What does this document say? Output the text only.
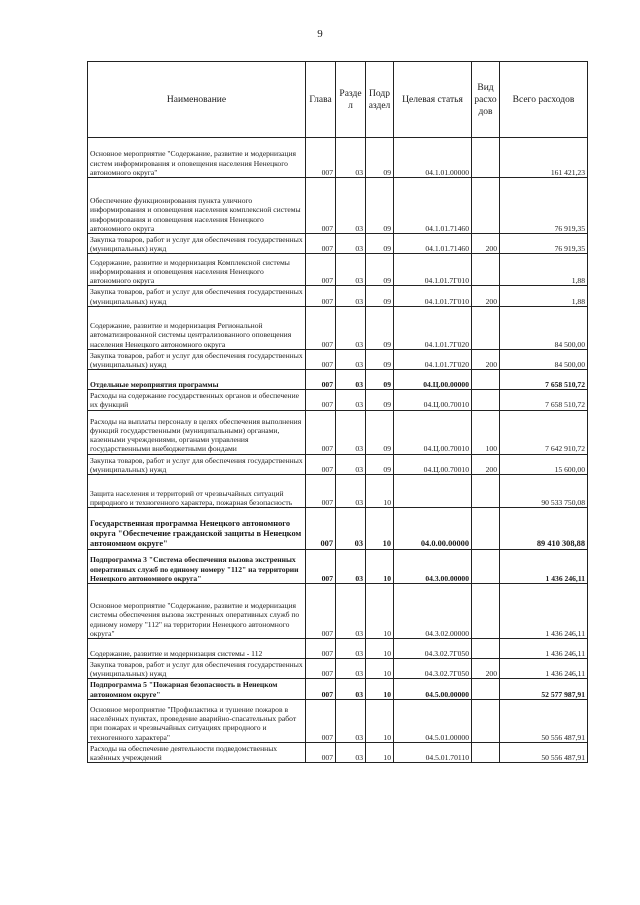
9
Наименование	Глава	Разде л	Подр аздел	Целевая статья	Вид расхо дов	Всего расходов
Основное мероприятие "Содержание, развитие и модернизация систем информирования и оповещения населения Ненецкого автономного округа"	007	03	09	04.1.01.00000		161 421,23
Обеспечение функционирования пункта уличного информирования и оповещения населения комплексной системы информирования и оповещения населения Ненецкого автономного округа	007	03	09	04.1.01.71460		76 919,35
Закупка товаров, работ и услуг для обеспечения государственных (муниципальных) нужд	007	03	09	04.1.01.71460	200	76 919,35
Содержание, развитие и модернизация Комплексной системы информирования и оповещения населения Ненецкого автономного округа	007	03	09	04.1.01.7Г010		1,88
Закупка товаров, работ и услуг для обеспечения государственных (муниципальных) нужд	007	03	09	04.1.01.7Г010	200	1,88
Содержание, развитие и модернизация Региональной автоматизированной системы централизованного оповещения населения Ненецкого автономного округа	007	03	09	04.1.01.7Г020		84 500,00
Закупка товаров, работ и услуг для обеспечения государственных (муниципальных) нужд	007	03	09	04.1.01.7Г020	200	84 500,00
Отдельные мероприятия программы	007	03	09	04.Ц.00.00000		7 658 510,72
Расходы на содержание государственных органов и обеспечение их функций	007	03	09	04.Ц.00.70010		7 658 510,72
Расходы на выплаты персоналу в целях обеспечения выполнения функций государственными (муниципальными) органами, казенными учреждениями, органами управления государственными внебюджетными фондами	007	03	09	04.Ц.00.70010	100	7 642 910,72
Закупка товаров, работ и услуг для обеспечения государственных (муниципальных) нужд	007	03	09	04.Ц.00.70010	200	15 600,00
Защита населения и территорий от чрезвычайных ситуаций природного и техногенного характера, пожарная безопасность	007	03	10			90 533 750,08
Государственная программа Ненецкого автономного округа "Обеспечение гражданской защиты в Ненецком автономном округе"	007	03	10	04.0.00.00000		89 410 308,88
Подпрограмма 3 "Система обеспечения вызова экстренных оперативных служб по единому номеру "112" на территории Ненецкого автономного округа"	007	03	10	04.3.00.00000		1 436 246,11
Основное мероприятие "Содержание, развитие и модернизация системы обеспечения вызова экстренных оперативных служб по единому номеру "112" на территории Ненецкого автономного округа"	007	03	10	04.3.02.00000		1 436 246,11
Содержание, развитие и модернизация системы - 112	007	03	10	04.3.02.7Г050		1 436 246,11
Закупка товаров, работ и услуг для обеспечения государственных (муниципальных) нужд	007	03	10	04.3.02.7Г050	200	1 436 246,11
Подпрограмма 5 "Пожарная безопасность в Ненецком автономном округе"	007	03	10	04.5.00.00000		52 577 987,91
Основное мероприятие "Профилактика и тушение пожаров в населённых пунктах, проведение аварийно-спасательных работ при пожарах и чрезвычайных ситуациях природного и техногенного характера"	007	03	10	04.5.01.00000		50 556 487,91
Расходы на обеспечение деятельности подведомственных казённых учреждений	007	03	10	04.5.01.70110		50 556 487,91
